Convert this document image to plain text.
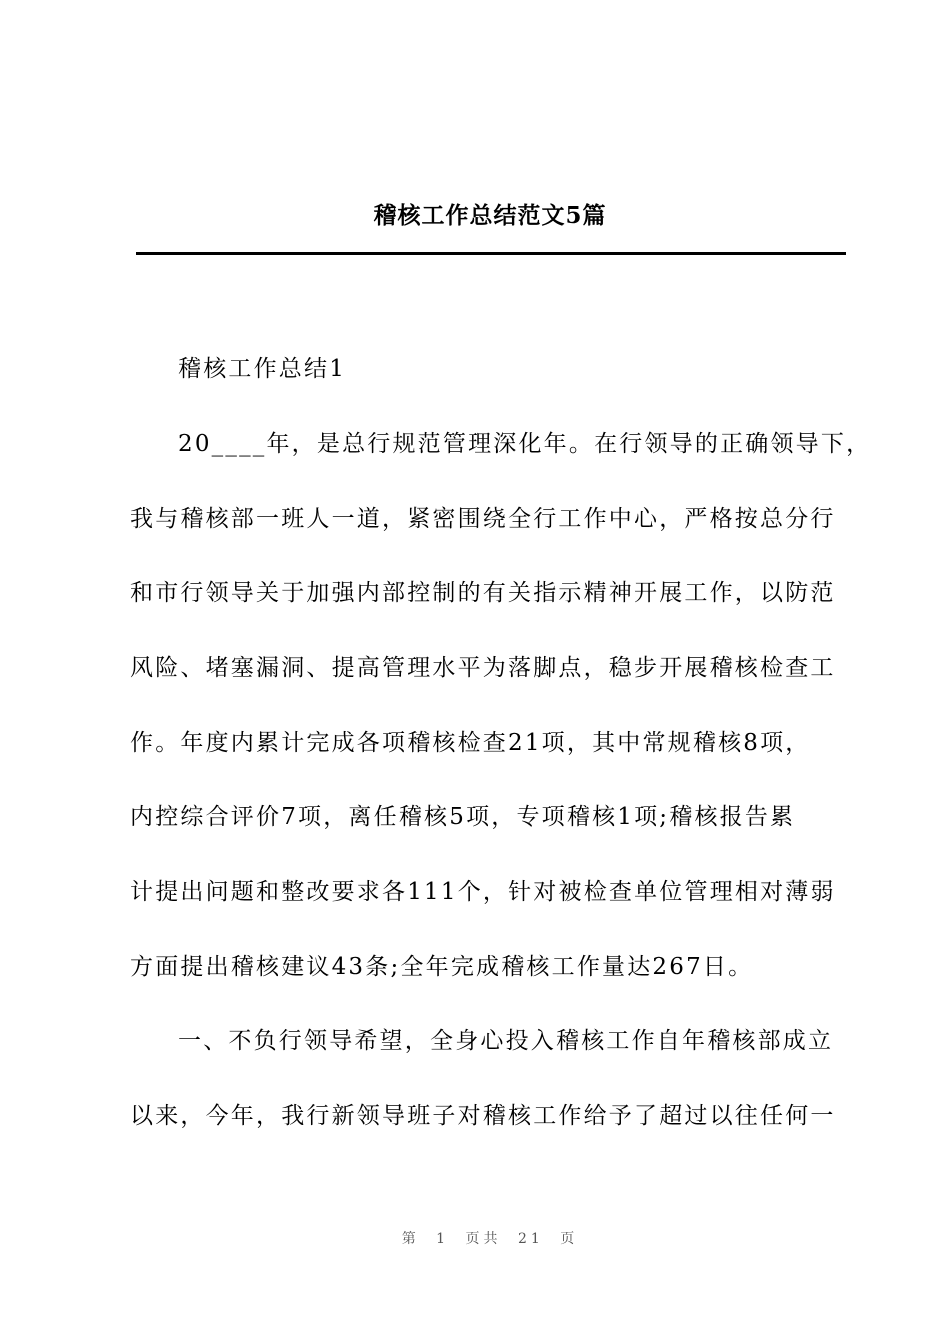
稽核工作总结范文5篇
稽核工作总结1
20____年，是总行规范管理深化年。在行领导的正确领导下，
我与稽核部一班人一道，紧密围绕全行工作中心，严格按总分行
和市行领导关于加强内部控制的有关指示精神开展工作，以防范
风险、堵塞漏洞、提高管理水平为落脚点，稳步开展稽核检查工
作。年度内累计完成各项稽核检查21项，其中常规稽核8项，
内控综合评价7项，离任稽核5项，专项稽核1项;稽核报告累
计提出问题和整改要求各111个，针对被检查单位管理相对薄弱
方面提出稽核建议43条;全年完成稽核工作量达267日。
一、不负行领导希望，全身心投入稽核工作自年稽核部成立
以来，今年，我行新领导班子对稽核工作给予了超过以往任何一
第 1 页共 21 页
